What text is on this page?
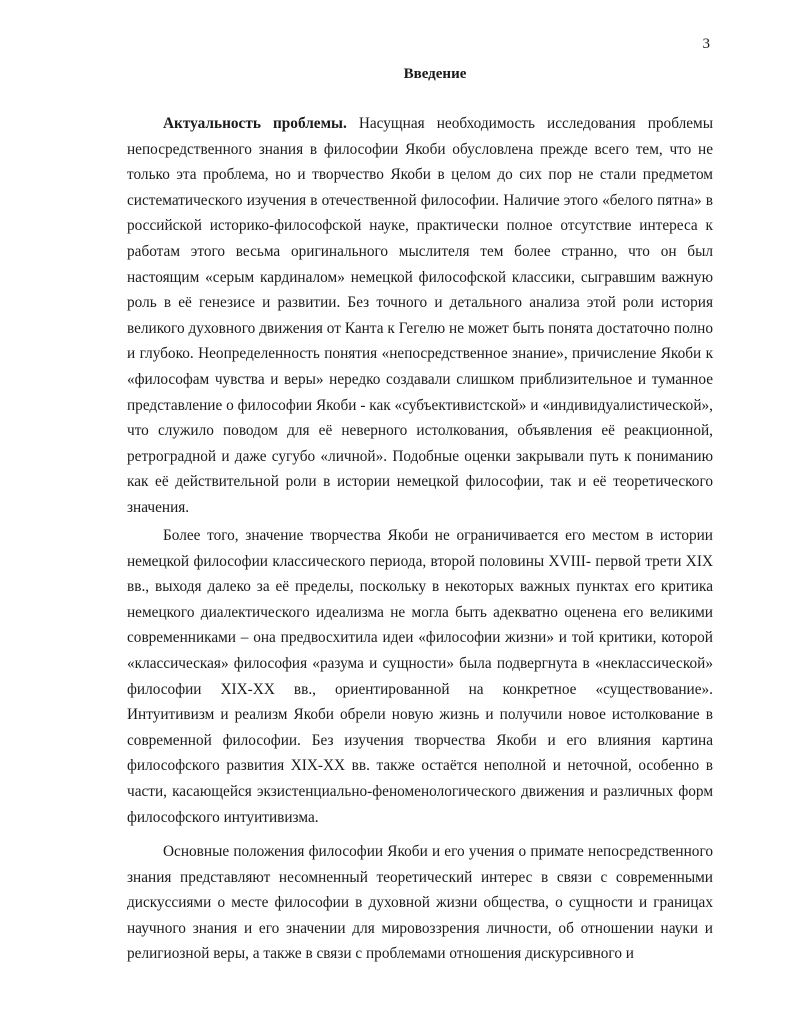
3
Введение

Актуальность проблемы. Насущная необходимость исследования проблемы непосредственного знания в философии Якоби обусловлена прежде всего тем, что не только эта проблема, но и творчество Якоби в целом до сих пор не стали предметом систематического изучения в отечественной философии. Наличие этого «белого пятна» в российской историко-философской науке, практически полное отсутствие интереса к работам этого весьма оригинального мыслителя тем более странно, что он был настоящим «серым кардиналом» немецкой философской классики, сыгравшим важную роль в её генезисе и развитии. Без точного и детального анализа этой роли история великого духовного движения от Канта к Гегелю не может быть понята достаточно полно и глубоко. Неопределенность понятия «непосредственное знание», причисление Якоби к «философам чувства и веры» нередко создавали слишком приблизительное и туманное представление о философии Якоби - как «субъективистской» и «индивидуалистической», что служило поводом для её неверного истолкования, объявления её реакционной, ретроградной и даже сугубо «личной». Подобные оценки закрывали путь к пониманию как её действительной роли в истории немецкой философии, так и её теоретического значения.

Более того, значение творчества Якоби не ограничивается его местом в истории немецкой философии классического периода, второй половины XVIII- первой трети XIX вв., выходя далеко за её пределы, поскольку в некоторых важных пунктах его критика немецкого диалектического идеализма не могла быть адекватно оценена его великими современниками – она предвосхитила идеи «философии жизни» и той критики, которой «классическая» философия «разума и сущности» была подвергнута в «неклассической» философии XIX-XX вв., ориентированной на конкретное «существование». Интуитивизм и реализм Якоби обрели новую жизнь и получили новое истолкование в современной философии. Без изучения творчества Якоби и его влияния картина философского развития XIX-XX вв. также остаётся неполной и неточной, особенно в части, касающейся экзистенциально-феноменологического движения и различных форм философского интуитивизма.

Основные положения философии Якоби и его учения о примате непосредственного знания представляют несомненный теоретический интерес в связи с современными дискуссиями о месте философии в духовной жизни общества, о сущности и границах научного знания и его значении для мировоззрения личности, об отношении науки и религиозной веры, а также в связи с проблемами отношения дискурсивного и
